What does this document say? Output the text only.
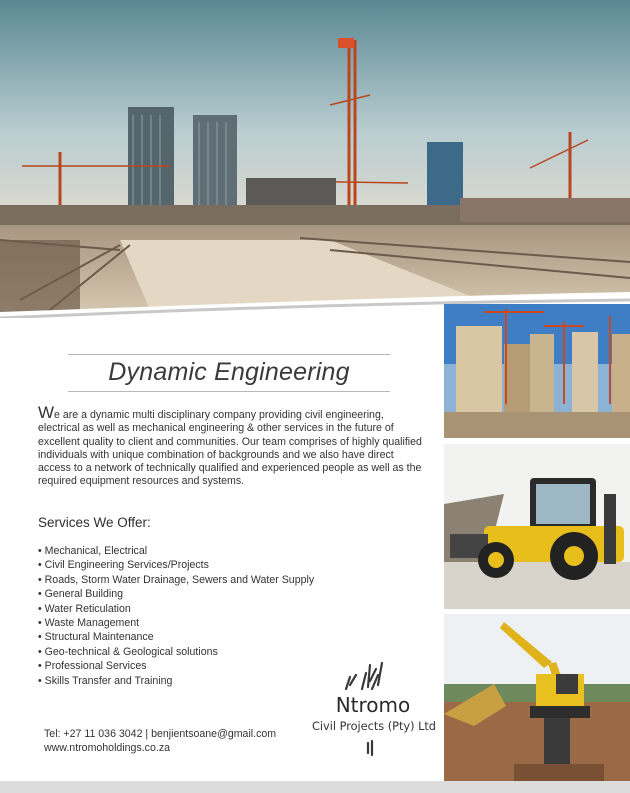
Dynamic Engineering
We are a dynamic multi disciplinary company providing civil engineering, electrical as well as mechanical engineering & other services in the future of excellent quality to client and communities. Our team comprises of highly qualified individuals with unique combination of backgrounds and we also have direct access to a network of technically qualified and experienced people as well as the required equipment resources and systems.
Services We Offer:
• Mechanical, Electrical
• Civil Engineering Services/Projects
• Roads, Storm Water Drainage, Sewers and Water Supply
• General Building
• Water Reticulation
• Waste Management
• Structural Maintenance
• Geo-technical & Geological solutions
• Professional Services
• Skills Transfer and Training
Tel: +27 11 036 3042 | benjientsoane@gmail.com
www.ntromoholdings.co.za
Ntromo
Civil Projects (Pty) Ltd
